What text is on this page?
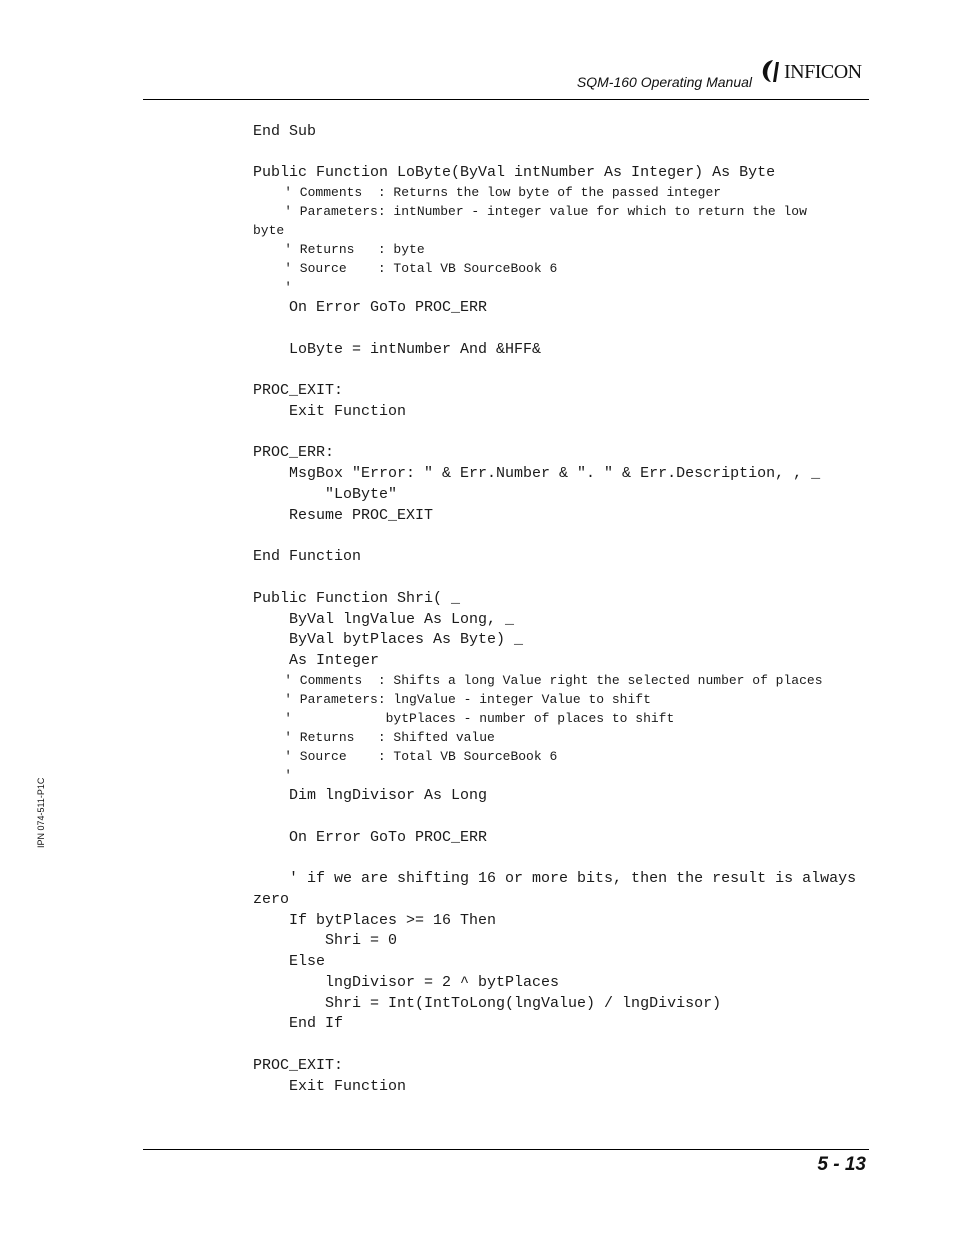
SQM-160 Operating Manual INFICON
IPN 074-511-P1C
End Sub
Public Function LoByte(ByVal intNumber As Integer) As Byte
' Comments  : Returns the low byte of the passed integer
' Parameters: intNumber - integer value for which to return the low
byte
' Returns   : byte
' Source    : Total VB SourceBook 6
'
On Error GoTo PROC_ERR
LoByte = intNumber And &HFF&
PROC_EXIT:
Exit Function
PROC_ERR:
MsgBox "Error: " & Err.Number & ". " & Err.Description, , _
"LoByte"
Resume PROC_EXIT
End Function
Public Function Shri( _
ByVal lngValue As Long, _
ByVal bytPlaces As Byte) _
As Integer
' Comments  : Shifts a long Value right the selected number of places
' Parameters: lngValue - integer Value to shift
'            bytPlaces - number of places to shift
' Returns   : Shifted value
' Source    : Total VB SourceBook 6
'
Dim lngDivisor As Long
On Error GoTo PROC_ERR
' if we are shifting 16 or more bits, then the result is always
zero
If bytPlaces >= 16 Then
Shri = 0
Else
lngDivisor = 2 ^ bytPlaces
Shri = Int(IntToLong(lngValue) / lngDivisor)
End If
PROC_EXIT:
Exit Function
5 - 13
